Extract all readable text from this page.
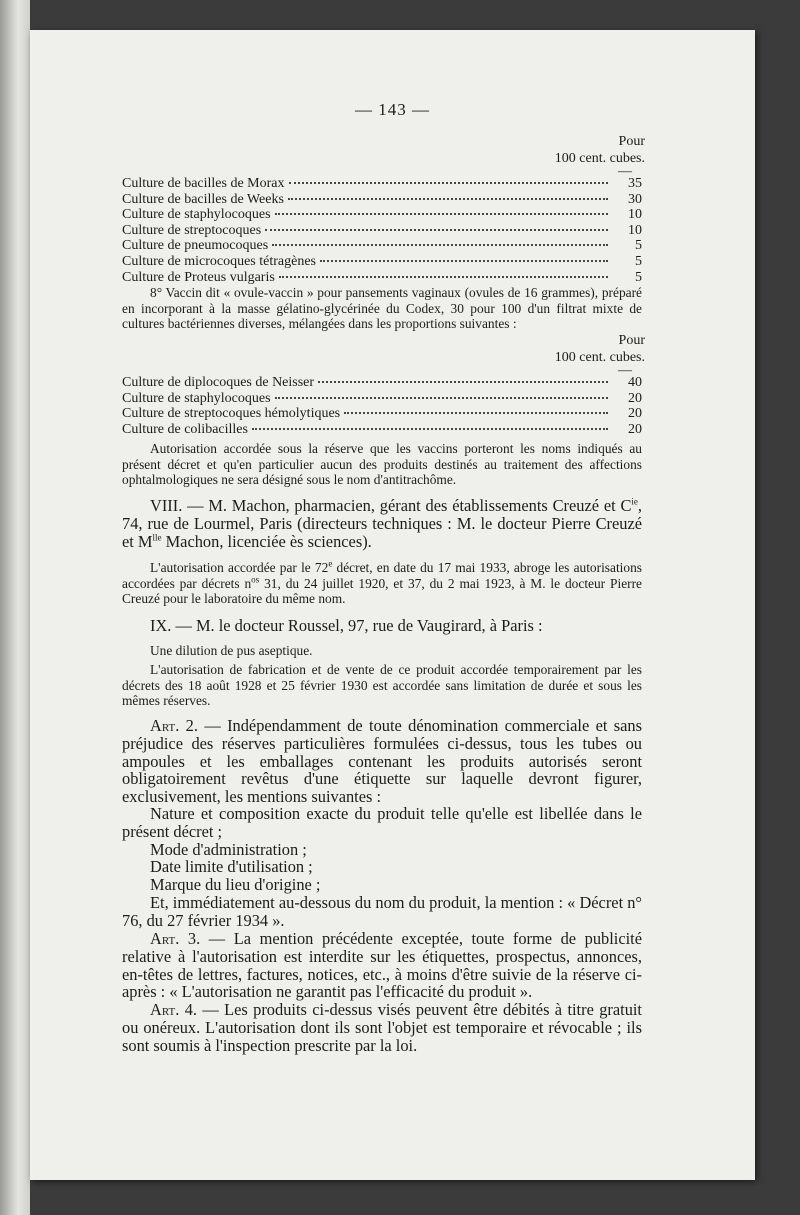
— 143 —
Pour
100 cent. cubes.
—
Culture de bacilles de Morax	35
Culture de bacilles de Weeks	30
Culture de staphylocoques	10
Culture de streptocoques	10
Culture de pneumocoques	5
Culture de microcoques tétragènes	5
Culture de Proteus vulgaris	5

8° Vaccin dit « ovule-vaccin » pour pansements vaginaux (ovules de 16 grammes), préparé en incorporant à la masse gélatino-glycérinée du Codex, 30 pour 100 d'un filtrat mixte de cultures bactériennes diverses, mélangées dans les proportions suivantes :

Pour
100 cent. cubes.
—
Culture de diplocoques de Neisser	40
Culture de staphylocoques	20
Culture de streptocoques hémolytiques	20
Culture de colibacilles	20

Autorisation accordée sous la réserve que les vaccins porteront les noms indiqués au présent décret et qu'en particulier aucun des produits destinés au traitement des affections ophtalmologiques ne sera désigné sous le nom d'antitrachôme.

VIII. — M. Machon, pharmacien, gérant des établissements Creuzé et $C^{ie}$, 74, rue de Lourmel, Paris (directeurs techniques : M. le docteur Pierre Creuzé et $M^{lle}$ Machon, licenciée ès sciences).

L'autorisation accordée par le 72e décret, en date du 17 mai 1933, abroge les autorisations accordées par décrets $n^{os}$ 31, du 24 juillet 1920, et 37, du 2 mai 1923, à M. le docteur Pierre Creuzé pour le laboratoire du même nom.

IX. — M. le docteur Roussel, 97, rue de Vaugirard, à Paris :

Une dilution de pus aseptique.

L'autorisation de fabrication et de vente de ce produit accordée temporairement par les décrets des 18 août 1928 et 25 février 1930 est accordée sans limitation de durée et sous les mêmes réserves.

Art. 2. — Indépendamment de toute dénomination commerciale et sans préjudice des réserves particulières formulées ci-dessus, tous les tubes ou ampoules et les emballages contenant les produits autorisés seront obligatoirement revêtus d'une étiquette sur laquelle devront figurer, exclusivement, les mentions suivantes :

Nature et composition exacte du produit telle qu'elle est libellée dans le présent décret ;
Mode d'administration ;
Date limite d'utilisation ;
Marque du lieu d'origine ;
Et, immédiatement au-dessous du nom du produit, la mention : « Décret n° 76, du 27 février 1934 ».

Art. 3. — La mention précédente exceptée, toute forme de publicité relative à l'autorisation est interdite sur les étiquettes, prospectus, annonces, en-têtes de lettres, factures, notices, etc., à moins d'être suivie de la réserve ci-après : « L'autorisation ne garantit pas l'efficacité du produit ».

Art. 4. — Les produits ci-dessus visés peuvent être débités à titre gratuit ou onéreux. L'autorisation dont ils sont l'objet est temporaire et révocable ; ils sont soumis à l'inspection prescrite par la loi.
